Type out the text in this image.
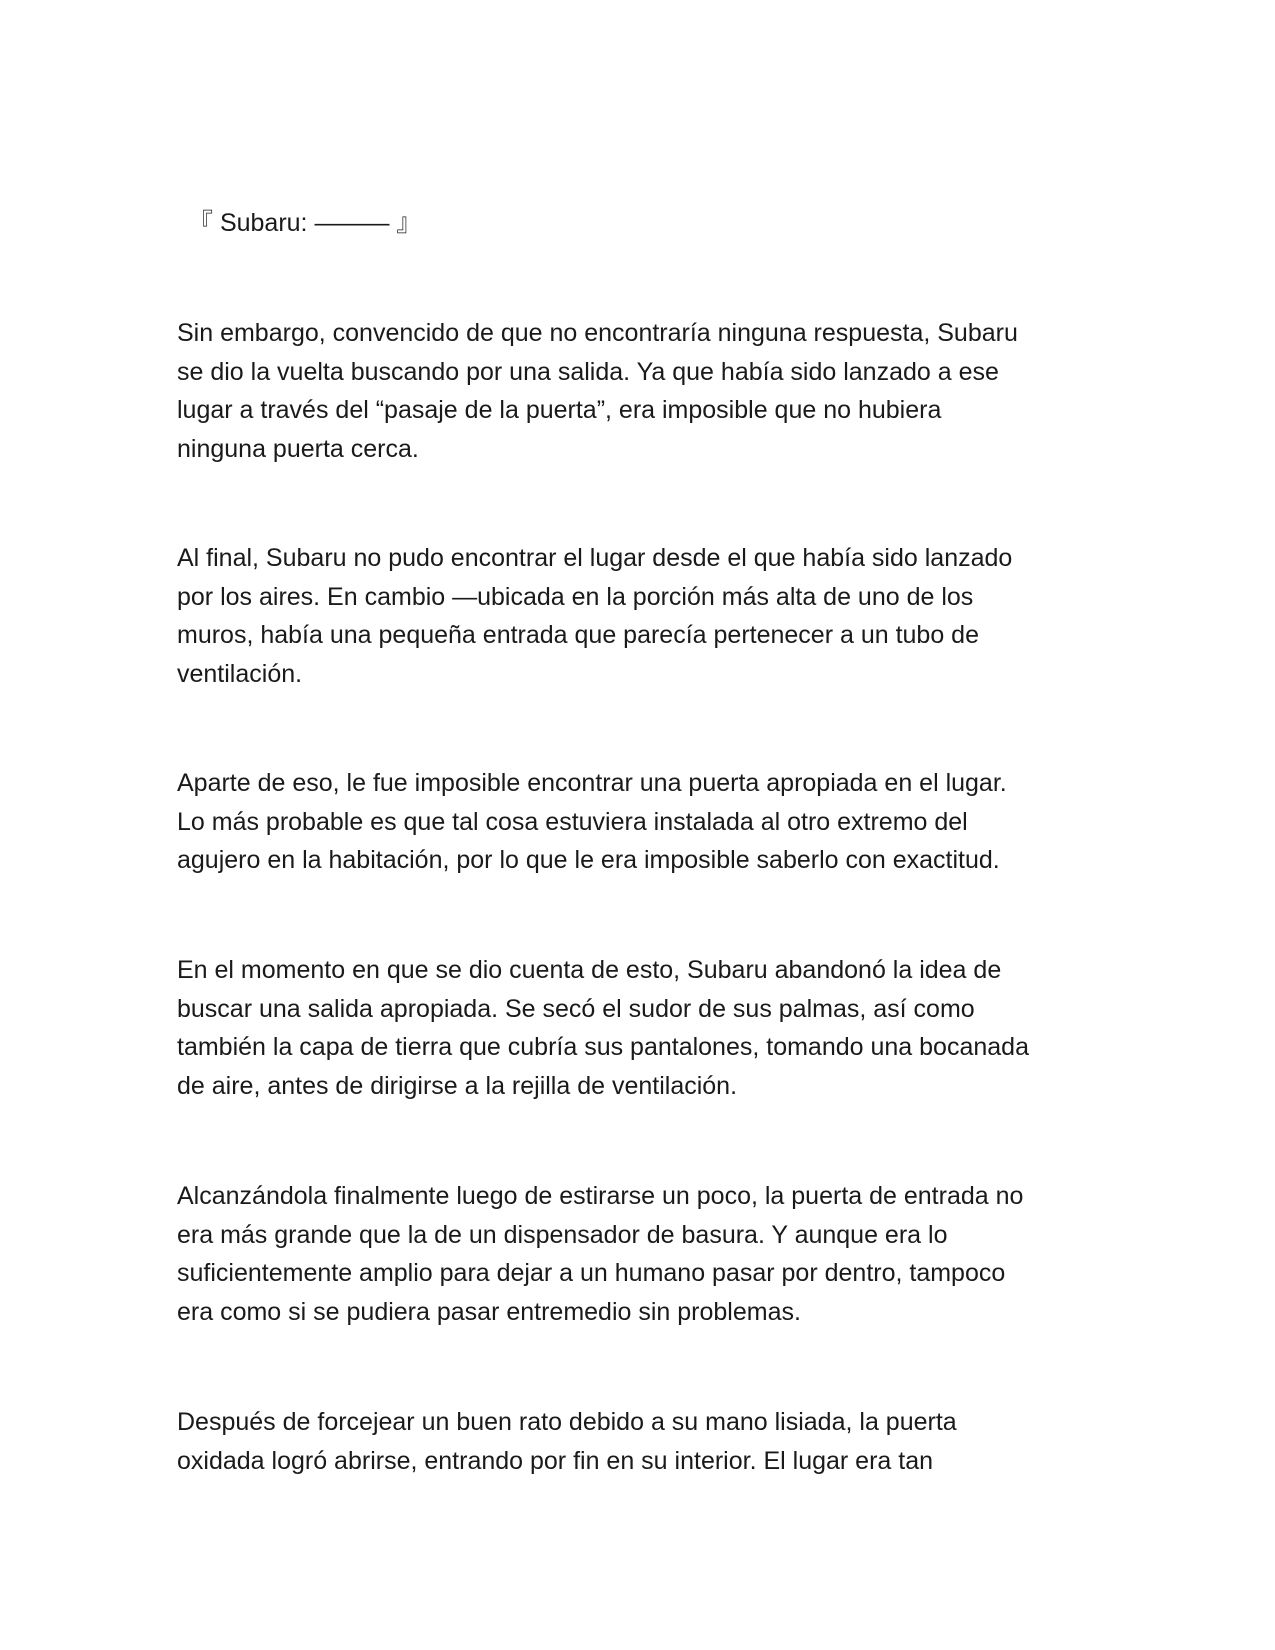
『 Subaru: ——— 』
Sin embargo, convencido de que no encontraría ninguna respuesta, Subaru
se dio la vuelta buscando por una salida. Ya que había sido lanzado a ese
lugar a través del “pasaje de la puerta”, era imposible que no hubiera
ninguna puerta cerca.
Al final, Subaru no pudo encontrar el lugar desde el que había sido lanzado
por los aires. En cambio —ubicada en la porción más alta de uno de los
muros, había una pequeña entrada que parecía pertenecer a un tubo de
ventilación.
Aparte de eso, le fue imposible encontrar una puerta apropiada en el lugar.
Lo más probable es que tal cosa estuviera instalada al otro extremo del
agujero en la habitación, por lo que le era imposible saberlo con exactitud.
En el momento en que se dio cuenta de esto, Subaru abandonó la idea de
buscar una salida apropiada. Se secó el sudor de sus palmas, así como
también la capa de tierra que cubría sus pantalones, tomando una bocanada
de aire, antes de dirigirse a la rejilla de ventilación.
Alcanzándola finalmente luego de estirarse un poco, la puerta de entrada no
era más grande que la de un dispensador de basura. Y aunque era lo
suficientemente amplio para dejar a un humano pasar por dentro, tampoco
era como si se pudiera pasar entremedio sin problemas.
Después de forcejear un buen rato debido a su mano lisiada, la puerta
oxidada logró abrirse, entrando por fin en su interior. El lugar era tan
